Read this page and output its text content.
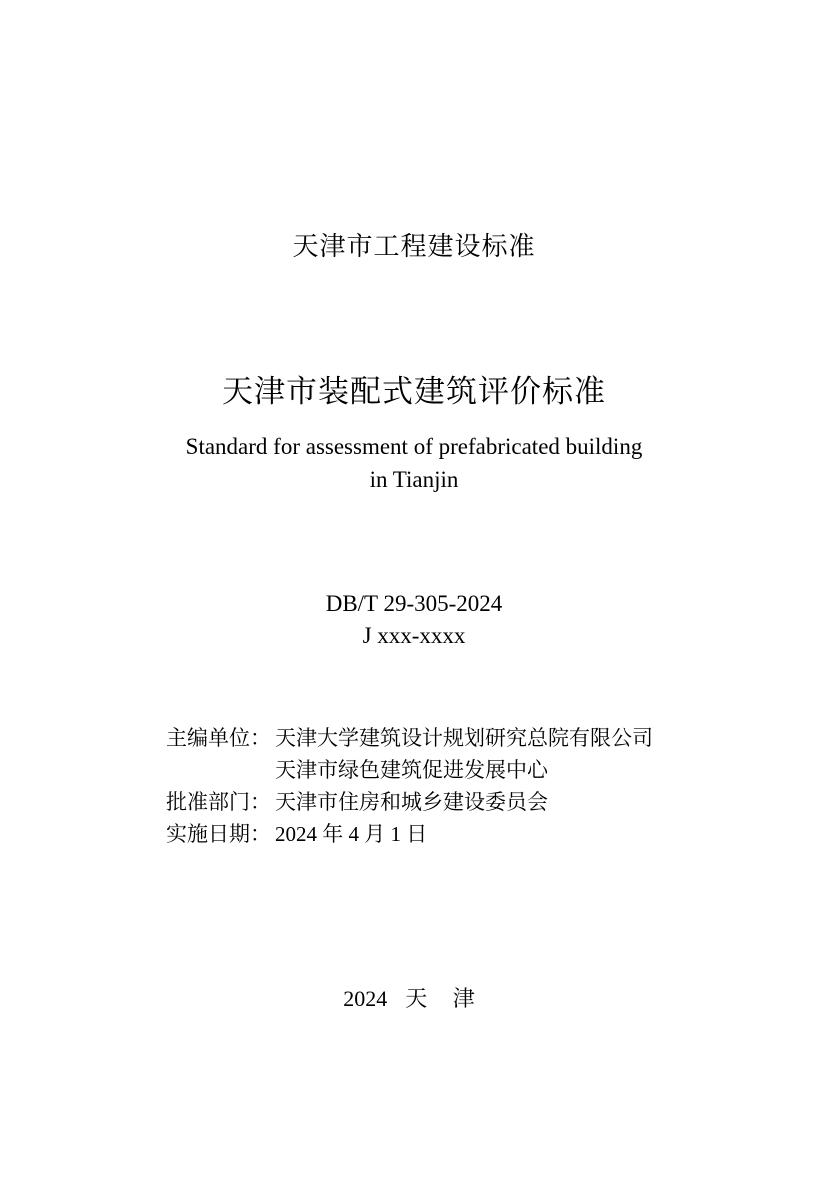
天津市工程建设标准
天津市装配式建筑评价标准
Standard for assessment of prefabricated building
in Tianjin
DB/T 29-305-2024
J xxx-xxxx
主编单位： 天津大学建筑设计规划研究总院有限公司
天津市绿色建筑促进发展中心
批准部门： 天津市住房和城乡建设委员会
实施日期： 2024 年 4 月 1 日
2024 天 津
